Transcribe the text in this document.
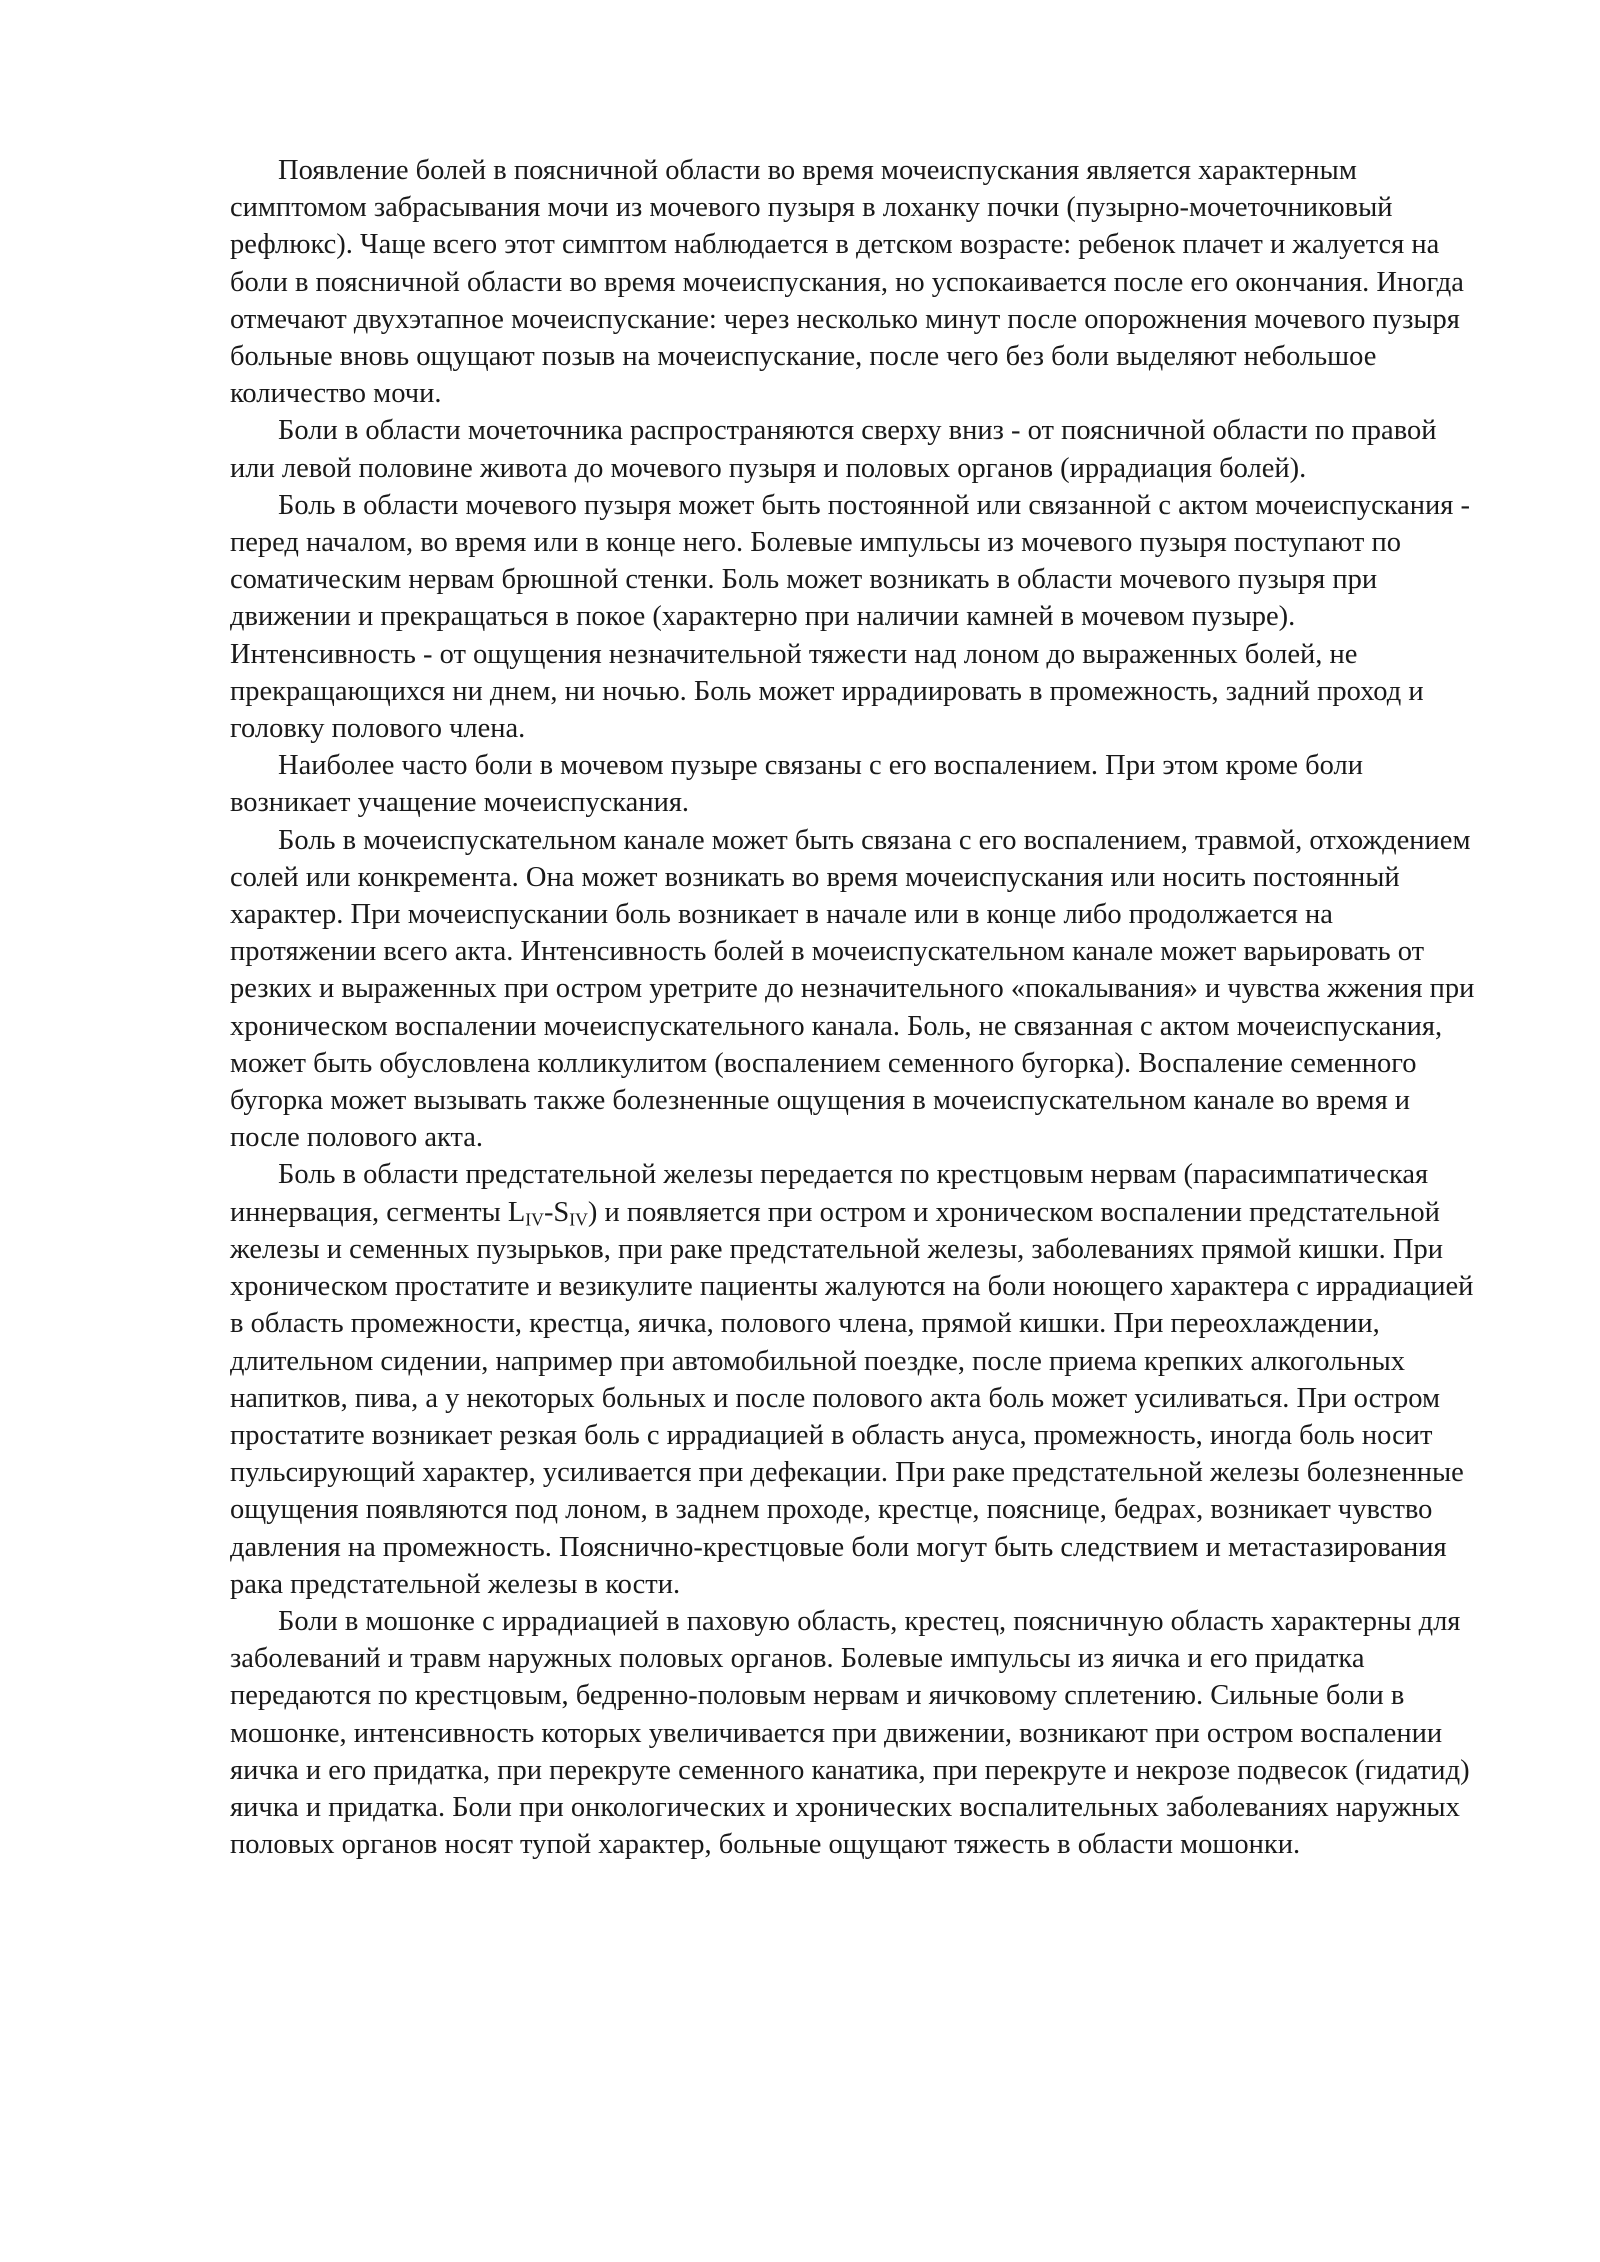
Появление болей в поясничной области во время мочеиспускания является характерным симптомом забрасывания мочи из мочевого пузыря в лоханку почки (пузырно-мочеточниковый рефлюкс). Чаще всего этот симптом наблюдается в детском возрасте: ребенок плачет и жалуется на боли в поясничной области во время мочеиспускания, но успокаивается после его окончания. Иногда отмечают двухэтапное мочеиспускание: через несколько минут после опорожнения мочевого пузыря больные вновь ощущают позыв на мочеиспускание, после чего без боли выделяют небольшое количество мочи.

Боли в области мочеточника распространяются сверху вниз - от поясничной области по правой или левой половине живота до мочевого пузыря и половых органов (иррадиация болей).

Боль в области мочевого пузыря может быть постоянной или связанной с актом мочеиспускания - перед началом, во время или в конце него. Болевые импульсы из мочевого пузыря поступают по соматическим нервам брюшной стенки. Боль может возникать в области мочевого пузыря при движении и прекращаться в покое (характерно при наличии камней в мочевом пузыре). Интенсивность - от ощущения незначительной тяжести над лоном до выраженных болей, не прекращающихся ни днем, ни ночью. Боль может иррадиировать в промежность, задний проход и головку полового члена.

Наиболее часто боли в мочевом пузыре связаны с его воспалением. При этом кроме боли возникает учащение мочеиспускания.

Боль в мочеиспускательном канале может быть связана с его воспалением, травмой, отхождением солей или конкремента. Она может возникать во время мочеиспускания или носить постоянный характер. При мочеиспускании боль возникает в начале или в конце либо продолжается на протяжении всего акта. Интенсивность болей в мочеиспускательном канале может варьировать от резких и выраженных при остром уретрите до незначительного «покалывания» и чувства жжения при хроническом воспалении мочеиспускательного канала. Боль, не связанная с актом мочеиспускания, может быть обусловлена колликулитом (воспалением семенного бугорка). Воспаление семенного бугорка может вызывать также болезненные ощущения в мочеиспускательном канале во время и после полового акта.

Боль в области предстательной железы передается по крестцовым нервам (парасимпатическая иннервация, сегменты $L_{IV}-S_{IV}$) и появляется при остром и хроническом воспалении предстательной железы и семенных пузырьков, при раке предстательной железы, заболеваниях прямой кишки. При хроническом простатите и везикулите пациенты жалуются на боли ноющего характера с иррадиацией в область промежности, крестца, яичка, полового члена, прямой кишки. При переохлаждении, длительном сидении, например при автомобильной поездке, после приема крепких алкогольных напитков, пива, а у некоторых больных и после полового акта боль может усиливаться. При остром простатите возникает резкая боль с иррадиацией в область ануса, промежность, иногда боль носит пульсирующий характер, усиливается при дефекации. При раке предстательной железы болезненные ощущения появляются под лоном, в заднем проходе, крестце, пояснице, бедрах, возникает чувство давления на промежность. Пояснично-крестцовые боли могут быть следствием и метастазирования рака предстательной железы в кости.

Боли в мошонке с иррадиацией в паховую область, крестец, поясничную область характерны для заболеваний и травм наружных половых органов. Болевые импульсы из яичка и его придатка передаются по крестцовым, бедренно-половым нервам и яичковому сплетению. Сильные боли в мошонке, интенсивность которых увеличивается при движении, возникают при остром воспалении яичка и его придатка, при перекруте семенного канатика, при перекруте и некрозе подвесок (гидатид) яичка и придатка. Боли при онкологических и хронических воспалительных заболеваниях наружных половых органов носят тупой характер, больные ощущают тяжесть в области мошонки.
